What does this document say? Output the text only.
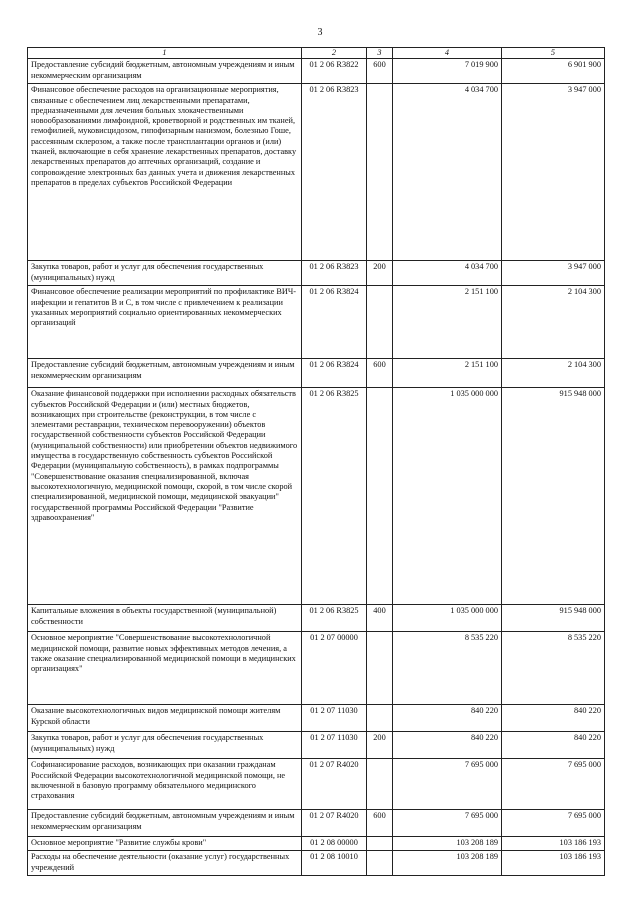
3
1	2	3	4	5
Предоставление субсидий бюджетным, автономным учреждениям и иным некоммерческим организациям	01 2 06 R3822	600	7 019 900	6 901 900
Финансовое обеспечение расходов на организационные мероприятия, связанные с обеспечением лиц лекарственными препаратами, предназначенными для лечения больных злокачественными новообразованиями лимфоидной, кроветворной и родственных им тканей, гемофилией, муковисцидозом, гипофизарным нанизмом, болезнью Гоше, рассеянным склерозом, а также после трансплантации органов и (или) тканей, включающие в себя хранение лекарственных препаратов, доставку лекарственных препаратов до аптечных организаций, создание и сопровождение электронных баз данных учета и движения лекарственных препаратов в пределах субъектов Российской Федерации	01 2 06 R3823		4 034 700	3 947 000
Закупка товаров, работ и услуг для обеспечения государственных (муниципальных) нужд	01 2 06 R3823	200	4 034 700	3 947 000
Финансовое обеспечение реализации мероприятий по профилактике ВИЧ-инфекции и гепатитов В и С, в том числе с привлечением к реализации указанных мероприятий социально ориентированных некоммерческих организаций	01 2 06 R3824		2 151 100	2 104 300
Предоставление субсидий бюджетным, автономным учреждениям и иным некоммерческим организациям	01 2 06 R3824	600	2 151 100	2 104 300
Оказание финансовой поддержки при исполнении расходных обязательств субъектов Российской Федерации и (или) местных бюджетов, возникающих при строительстве (реконструкции, в том числе с элементами реставрации, техническом перевооружении) объектов государственной собственности субъектов Российской Федерации (муниципальной собственности) или приобретении объектов недвижимого имущества в государственную собственность субъектов Российской Федерации (муниципальную собственность), в рамках подпрограммы "Совершенствование оказания специализированной, включая высокотехнологичную, медицинской помощи, скорой, в том числе скорой специализированной, медицинской помощи, медицинской эвакуации" государственной программы Российской Федерации "Развитие здравоохранения"	01 2 06 R3825		1 035 000 000	915 948 000
Капитальные вложения в объекты государственной (муниципальной) собственности	01 2 06 R3825	400	1 035 000 000	915 948 000
Основное мероприятие "Совершенствование высокотехнологичной медицинской помощи, развитие новых эффективных методов лечения, а также оказание специализированной медицинской помощи в медицинских организациях"	01 2 07 00000		8 535 220	8 535 220
Оказание высокотехнологичных видов медицинской помощи жителям Курской области	01 2 07 11030		840 220	840 220
Закупка товаров, работ и услуг для обеспечения государственных (муниципальных) нужд	01 2 07 11030	200	840 220	840 220
Софинансирование расходов, возникающих при оказании гражданам Российской Федерации высокотехнологичной медицинской помощи, не включенной в базовую программу обязательного медицинского страхования	01 2 07 R4020		7 695 000	7 695 000
Предоставление субсидий бюджетным, автономным учреждениям и иным некоммерческим организациям	01 2 07 R4020	600	7 695 000	7 695 000
Основное мероприятие "Развитие службы крови"	01 2 08 00000		103 208 189	103 186 193
Расходы на обеспечение деятельности (оказание услуг) государственных учреждений	01 2 08 10010		103 208 189	103 186 193
